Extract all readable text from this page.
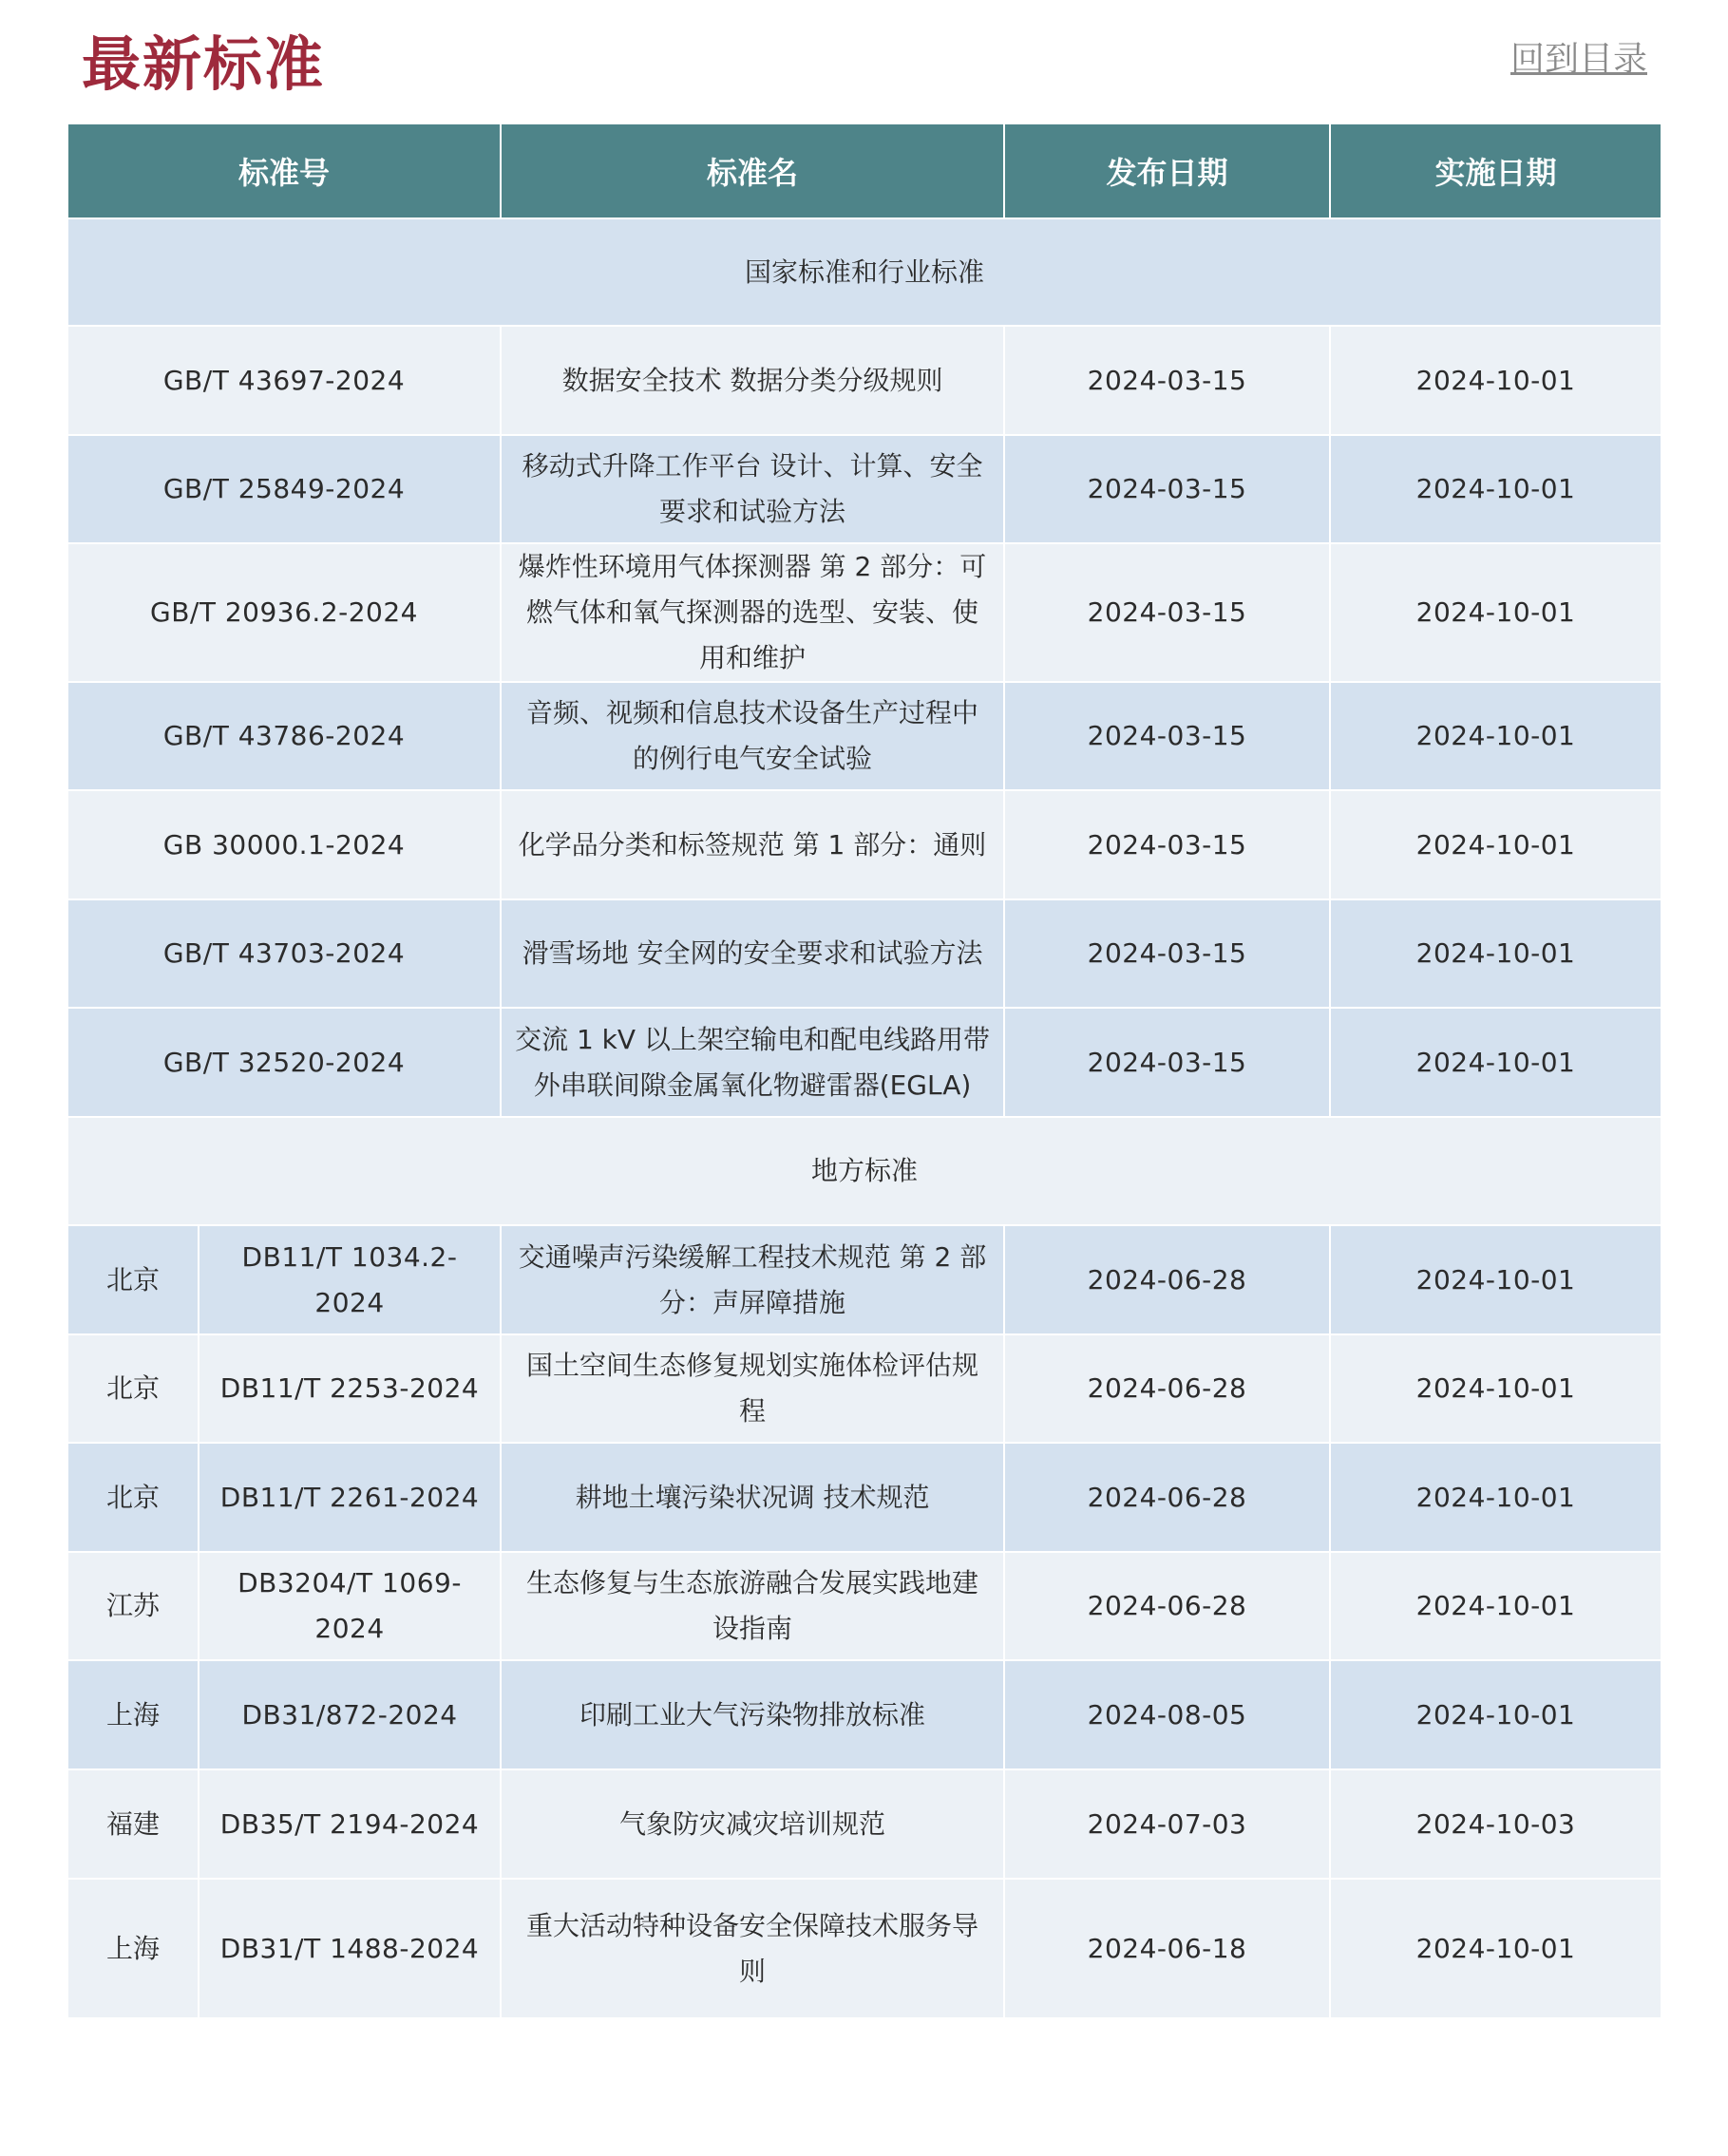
最新标准	回到目录
标准号		标准名	发布日期	实施日期
国家标准和行业标准				
GB/T 43697-2024		数据安全技术 数据分类分级规则	2024-03-15	2024-10-01
GB/T 25849-2024		移动式升降工作平台 设计、计算、安全要求和试验方法	2024-03-15	2024-10-01
GB/T 20936.2-2024		爆炸性环境用气体探测器 第 2 部分：可燃气体和氧气探测器的选型、安装、使用和维护	2024-03-15	2024-10-01
GB/T 43786-2024		音频、视频和信息技术设备生产过程中的例行电气安全试验	2024-03-15	2024-10-01
GB 30000.1-2024		化学品分类和标签规范 第 1 部分：通则	2024-03-15	2024-10-01
GB/T 43703-2024		滑雪场地 安全网的安全要求和试验方法	2024-03-15	2024-10-01
GB/T 32520-2024		交流 1 kV 以上架空输电和配电线路用带外串联间隙金属氧化物避雷器(EGLA)	2024-03-15	2024-10-01
地方标准				
北京	DB11/T 1034.2-2024	交通噪声污染缓解工程技术规范 第 2 部分：声屏障措施	2024-06-28	2024-10-01
北京	DB11/T 2253-2024	国土空间生态修复规划实施体检评估规程	2024-06-28	2024-10-01
北京	DB11/T 2261-2024	耕地土壤污染状况调 技术规范	2024-06-28	2024-10-01
江苏	DB3204/T 1069-2024	生态修复与生态旅游融合发展实践地建设指南	2024-06-28	2024-10-01
上海	DB31/872-2024	印刷工业大气污染物排放标准	2024-08-05	2024-10-01
福建	DB35/T 2194-2024	气象防灾减灾培训规范	2024-07-03	2024-10-03
上海	DB31/T 1488-2024	重大活动特种设备安全保障技术服务导则	2024-06-18	2024-10-01
